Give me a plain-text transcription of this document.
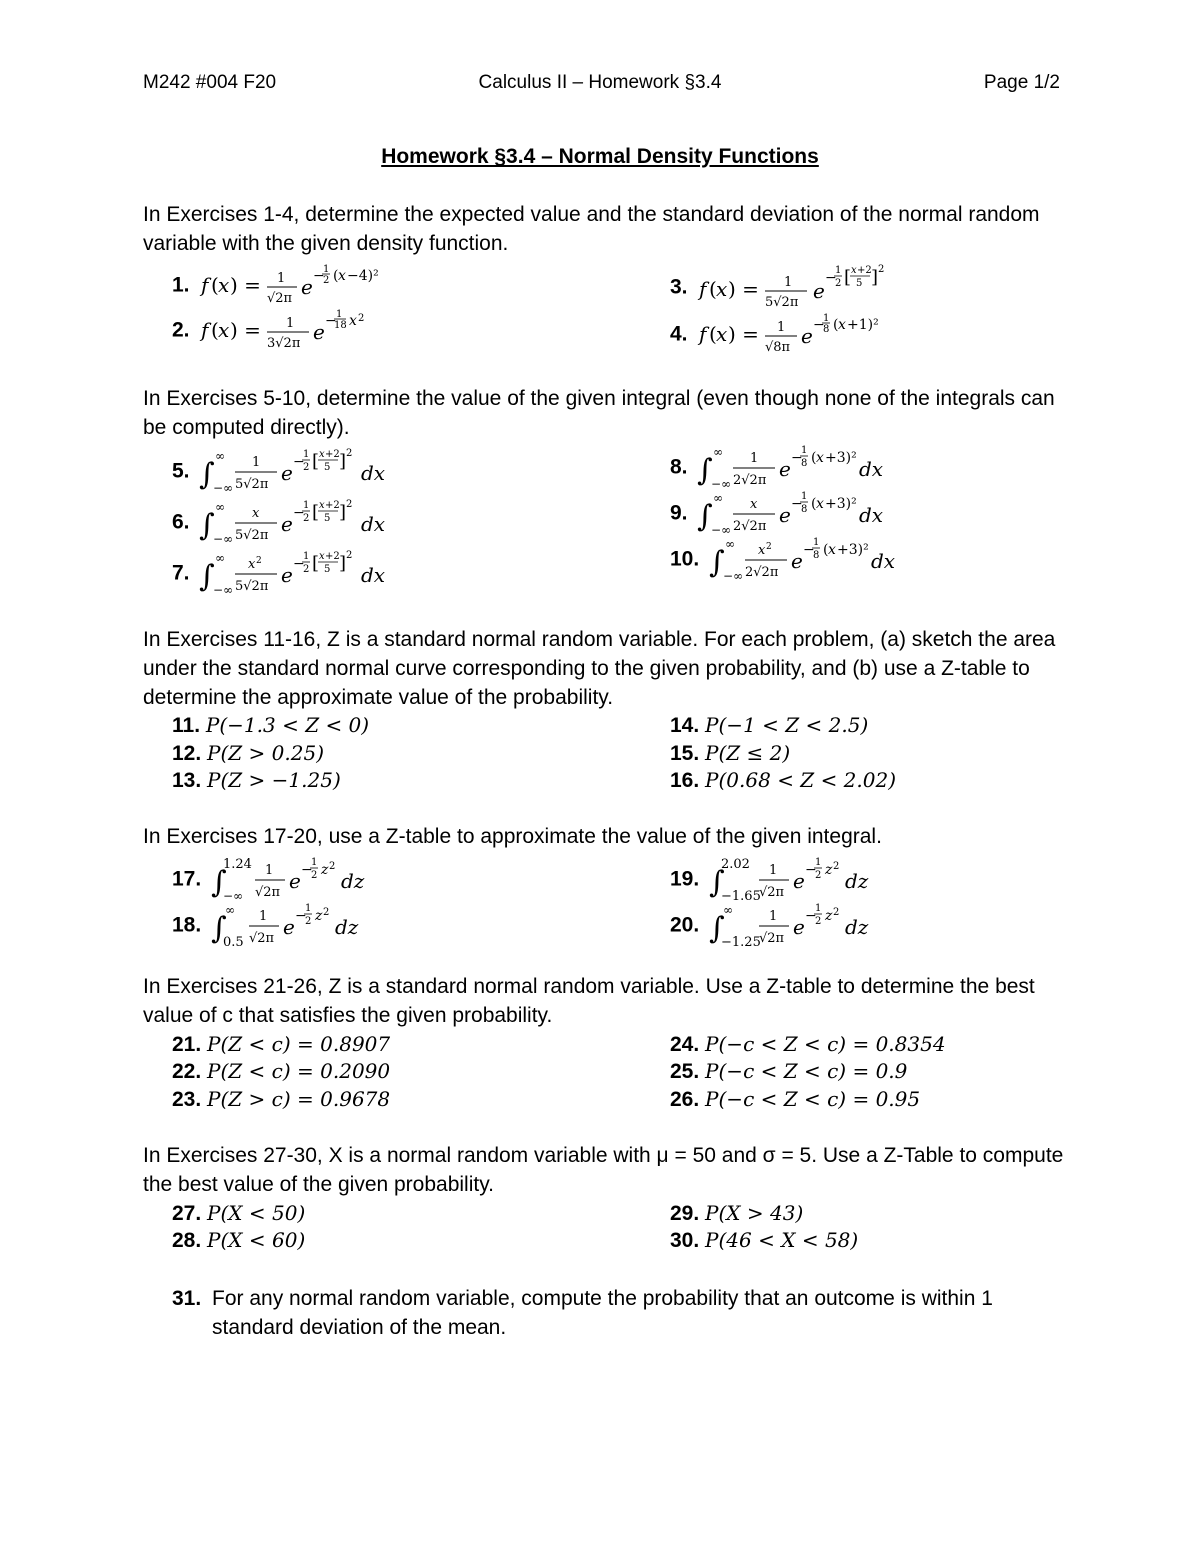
M242 #004 F20	Calculus II – Homework §3.4	Page 1/2
Homework §3.4 – Normal Density Functions
In Exercises 1-4, determine the expected value and the standard deviation of the normal random variable with the given density function.
1. f ( x ) = 1
√2π e −
1
2 ( x −4)²
2. f ( x ) = 1
3√2π e − 1
18 x 2
3. f ( x ) = 1
5√2π e
−
1
2 [ x +2
5 ] 2
4. f ( x ) = 1
√8π e −
1
8 ( x +1)²
In Exercises 5-10, determine the value of the given integral (even though none of the integrals can be computed directly).
5. ∫
∞
−∞
1
5√2π e −
1
2 [ x +2
5 ] 2
dx
6. ∫
∞
−∞
x
5√2π e −
1
2 [ x +2
5 ] 2
dx
7. ∫
∞
−∞
x 2
5√2π e −
1
2 [ x +2
5 ] 2
dx
8. ∫
∞
−∞
1
2√2π e −
1
8 ( x +3)² dx
9. ∫
∞
−∞
x
2√2π e −
1
8 ( x +3)² dx
10. ∫
∞
−∞
x 2
2√2π e −
1
8 ( x +3)² dx
In Exercises 11-16, Z is a standard normal random variable. For each problem, (a) sketch the area under the standard normal curve corresponding to the given probability, and (b) use a Z-table to determine the approximate value of the probability.
11. P(−1.3 < Z < 0)
12. P(Z > 0.25)
13. P(Z > −1.25)
14. P(−1 < Z < 2.5)
15. P(Z ≤ 2)
16. P(0.68 < Z < 2.02)
In Exercises 17-20, use a Z-table to approximate the value of the given integral.
17. ∫
1.24
−∞
1
√2π e −
1
2 z 2
dz
18. ∫
∞
0.5
1
√2π e −
1
2 z 2
dz
19. ∫
2.02
−1.65
1
√2π e −
1
2 z 2
dz
20. ∫
∞
−1.25
1
√2π e −
1
2 z 2
dz
In Exercises 21-26, Z is a standard normal random variable. Use a Z-table to determine the best value of c that satisfies the given probability.
21. P(Z < c) = 0.8907
22. P(Z < c) = 0.2090
23. P(Z > c) = 0.9678
24. P(−c < Z < c) = 0.8354
25. P(−c < Z < c) = 0.9
26. P(−c < Z < c) = 0.95
In Exercises 27-30, X is a normal random variable with μ = 50 and σ = 5. Use a Z-Table to compute the best value of the given probability.
27. P(X < 50)
28. P(X < 60)
29. P(X > 43)
30. P(46 < X < 58)
31. For any normal random variable, compute the probability that an outcome is within 1 standard deviation of the mean.
